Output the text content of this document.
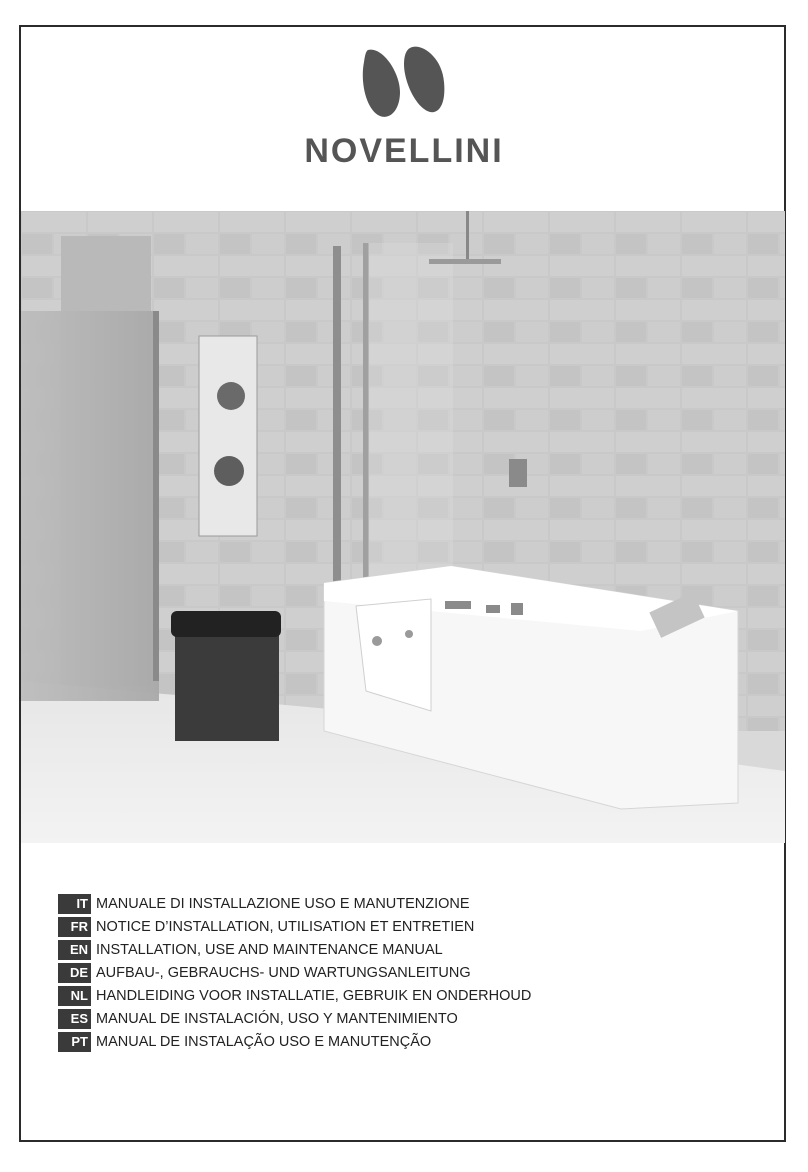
NOVELLINI
IT MANUALE DI INSTALLAZIONE USO E MANUTENZIONE
FR NOTICE D’INSTALLATION, UTILISATION ET ENTRETIEN
EN INSTALLATION, USE AND MAINTENANCE MANUAL
DE AUFBAU-, GEBRAUCHS- UND WARTUNGSANLEITUNG
NL HANDLEIDING VOOR INSTALLATIE, GEBRUIK EN ONDERHOUD
ES MANUAL DE INSTALACIÓN, USO Y MANTENIMIENTO
PT MANUAL DE INSTALAÇÃO USO E MANUTENÇÃO
